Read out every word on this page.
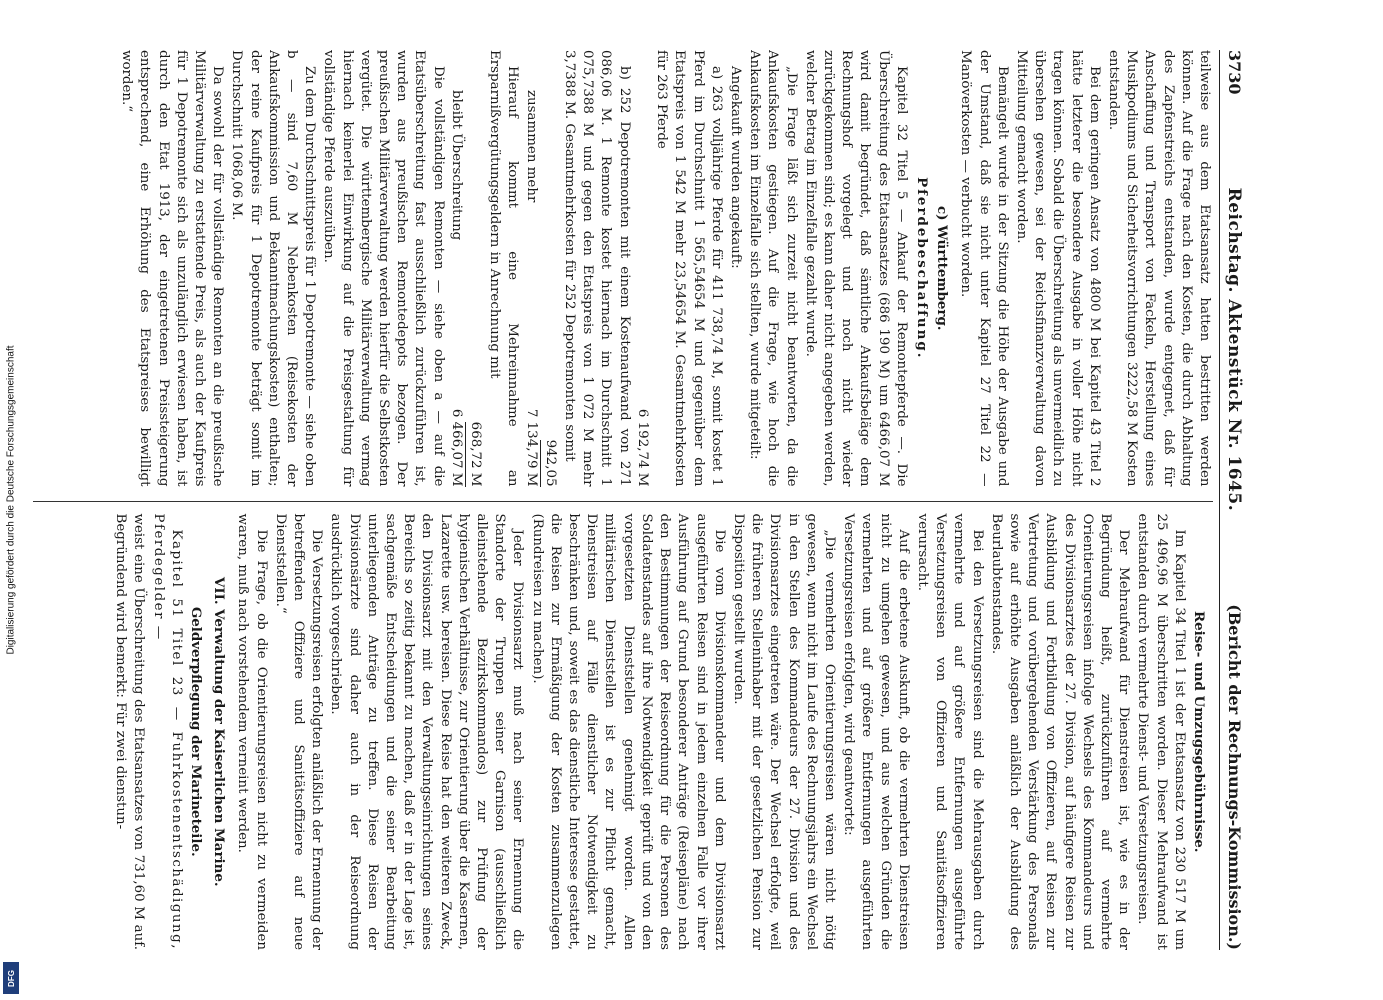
Digitalisierung gefördert durch die Deutsche Forschungsgemeinschaft
DFG
3730
Reichstag. Aktenstück Nr. 1645.
(Bericht der Rechnungs-Kommission.)

teilweise aus dem Etatsansatz hatten bestritten werden können. Auf die Frage nach den Kosten, die durch Abhaltung des Zapfenstreichs entstanden, wurde entgegnet, daß für Anschaffung und Transport von Fackeln, Herstellung eines Musikpodiums und Sicherheitsvorrichtungen 3222,58 M Kosten entstanden.

Bei dem geringen Ansatz von 4800 M bei Kapitel 43 Titel 2 hätte letzterer die besondere Ausgabe in voller Höhe nicht tragen können. Sobald die Überschreitung als unvermeidlich zu übersehen gewesen, sei der Reichsfinanzverwaltung davon Mitteilung gemacht worden.

Bemängelt wurde in der Sitzung die Höhe der Ausgabe und der Umstand, daß sie nicht unter Kapitel 27 Titel 22 — Manöverkosten — verbucht worden.

c) Württemberg.
Pferdebeschaffung.

Kapitel 32 Titel 5 — Ankauf der Remontepferde —. Die Überschreitung des Etatsansatzes (686 190 M) um 6466,07 M wird damit begründet, daß sämtliche Ankaufsbeläge dem Rechnungshof vorgelegt und noch nicht wieder zurückgekommen sind; es kann daher nicht angegeben werden, welcher Betrag im Einzelfalle gezahlt wurde.

„Die Frage läßt sich zurzeit nicht beantworten, da die Ankaufskosten gestiegen. Auf die Frage, wie hoch die Ankaufskosten im Einzelfalle sich stellten, wurde mitgeteilt:

Angekauft wurden angekauft:

a) 263 volljährige Pferde für 411 738,74 M, somit kostet 1 Pferd im Durchschnitt 1 565,54654 M und gegenüber dem Etatspreis von 1 542 M mehr 23,54654 M. Gesamtmehrkosten für 263 Pferde

6 192,74 M

b) 252 Depotremonten mit einem Kostenaufwand von 271 086,06 M. 1 Remonte kostet hiernach im Durchschnitt 1 075,7388 M und gegen den Etatspreis von 1 072 M mehr 3,7388 M. Gesamtmehrkosten für 252 Depotremonten somit

942,05
zusammen mehr
7 134,79 M

Hierauf kommt eine Mehreinnahme an Ersparnißvergütungsgeldern in Anrechnung mit

668,72 M
bleibt Überschreitung
6 466,07 M

Die vollständigen Remonten — siehe oben a — auf die Etatsüberschreitung fast ausschließlich zurückzuführen ist, wurden aus preußischen Remontedepots bezogen. Der preußischen Militärverwaltung werden hierfür die Selbstkosten vergütet. Die württembergische Militärverwaltung vermag hiernach keinerlei Einwirkung auf die Preisgestaltung für vollständige Pferde auszuüben.

Zu dem Durchschnittspreis für 1 Depotremonte — siehe oben b — sind 7,60 M Nebenkosten (Reisekosten der Ankaufskommission und Bekanntmachungskosten) enthalten; der reine Kaufpreis für 1 Depotremonte beträgt somit im Durchschnitt 1068,06 M.

Da sowohl der für vollständige Remonten an die preußische Militärverwaltung zu erstattende Preis, als auch der Kaufpreis für 1 Depotremonte sich als unzulänglich erwiesen haben, ist durch den Etat 1913, der eingetretenen Preissteigerung entsprechend, eine Erhöhung des Etatspreises bewilligt worden.“

Reise- und Umzugsgebührnisse.

Im Kapitel 34 Titel 1 ist der Etatsansatz von 230 517 M um 25 496,96 M überschritten worden. Dieser Mehraufwand ist entstanden durch vermehrte Dienst- und Versetzungsreisen.

Der Mehraufwand für Dienstreisen ist, wie es in der Begründung heißt, zurückzuführen auf vermehrte Orientierungsreisen infolge Wechsels des Kommandeurs und des Divisionsarztes der 27. Division, auf häufigere Reisen zur Ausbildung und Fortbildung von Offizieren, auf Reisen zur Vertretung und vorübergehenden Verstärkung des Personals sowie auf erhöhte Ausgaben anläßlich der Ausbildung des Beurlaubtenstandes.

Bei den Versetzungsreisen sind die Mehrausgaben durch vermehrte und auf größere Entfernungen ausgeführte Versetzungsreisen von Offizieren und Sanitätsoffizieren verursacht.

Auf die erbetene Auskunft, ob die vermehrten Dienstreisen nicht zu umgehen gewesen, und aus welchen Gründen die vermehrten und auf größere Entfernungen ausgeführten Versetzungsreisen erfolgten, wird geantwortet:

„Die vermehrten Orientierungsreisen wären nicht nötig gewesen, wenn nicht im Laufe des Rechnungsjahrs ein Wechsel in den Stellen des Kommandeurs der 27. Division und des Divisionsarztes eingetreten wäre. Der Wechsel erfolgte, weil die früheren Stelleninhaber mit der gesetzlichen Pension zur Disposition gestellt wurden.

Die vom Divisionskommandeur und dem Divisionsarzt ausgeführten Reisen sind in jedem einzelnen Falle vor ihrer Ausführung auf Grund besonderer Anträge (Reisepläne) nach den Bestimmungen der Reiseordnung für die Personen des Soldatenstandes auf ihre Notwendigkeit geprüft und von den vorgesetzten Dienststellen genehmigt worden. Allen militärischen Dienststellen ist es zur Pflicht gemacht, Dienstreisen auf Fälle dienstlicher Notwendigkeit zu beschränken und, soweit es das dienstliche Interesse gestattet, die Reisen zur Ermäßigung der Kosten zusammenzulegen (Rundreisen zu machen).

Jeder Divisionsarzt muß nach seiner Ernennung die Standorte der Truppen seiner Garnison (ausschließlich alleinstehende Bezirkskommandos) zur Prüfung der hygienischen Verhältnisse, zur Orientierung über die Kasernen, Lazarette usw. bereisen. Diese Reise hat den weiteren Zweck, den Divisionsarzt mit den Verwaltungseinrichtungen seines Bereichs so zeitig bekannt zu machen, daß er in der Lage ist, sachgemäße Entscheidungen und die seiner Bearbeitung unterliegenden Anträge zu treffen. Diese Reisen der Divisionsärzte sind daher auch in der Reiseordnung ausdrücklich vorgeschrieben.

Die Versetzungsreisen erfolgten anläßlich der Ernennung der betreffenden Offiziere und Sanitätsoffiziere auf neue Dienststellen.“

Die Frage, ob die Orientierungsreisen nicht zu vermeiden waren, muß nach vorstehendem verneint werden.

VII. Verwaltung der Kaiserlichen Marine.
Geldverpflegung der Marineteile.

Kapitel 51 Titel 23 — Fuhrkostenentschädigung, Pferdegelder —

weist eine Überschreitung des Etatsansatzes von 731,60 M auf. Begründend wird bemerkt: Für zwei dienstun-
